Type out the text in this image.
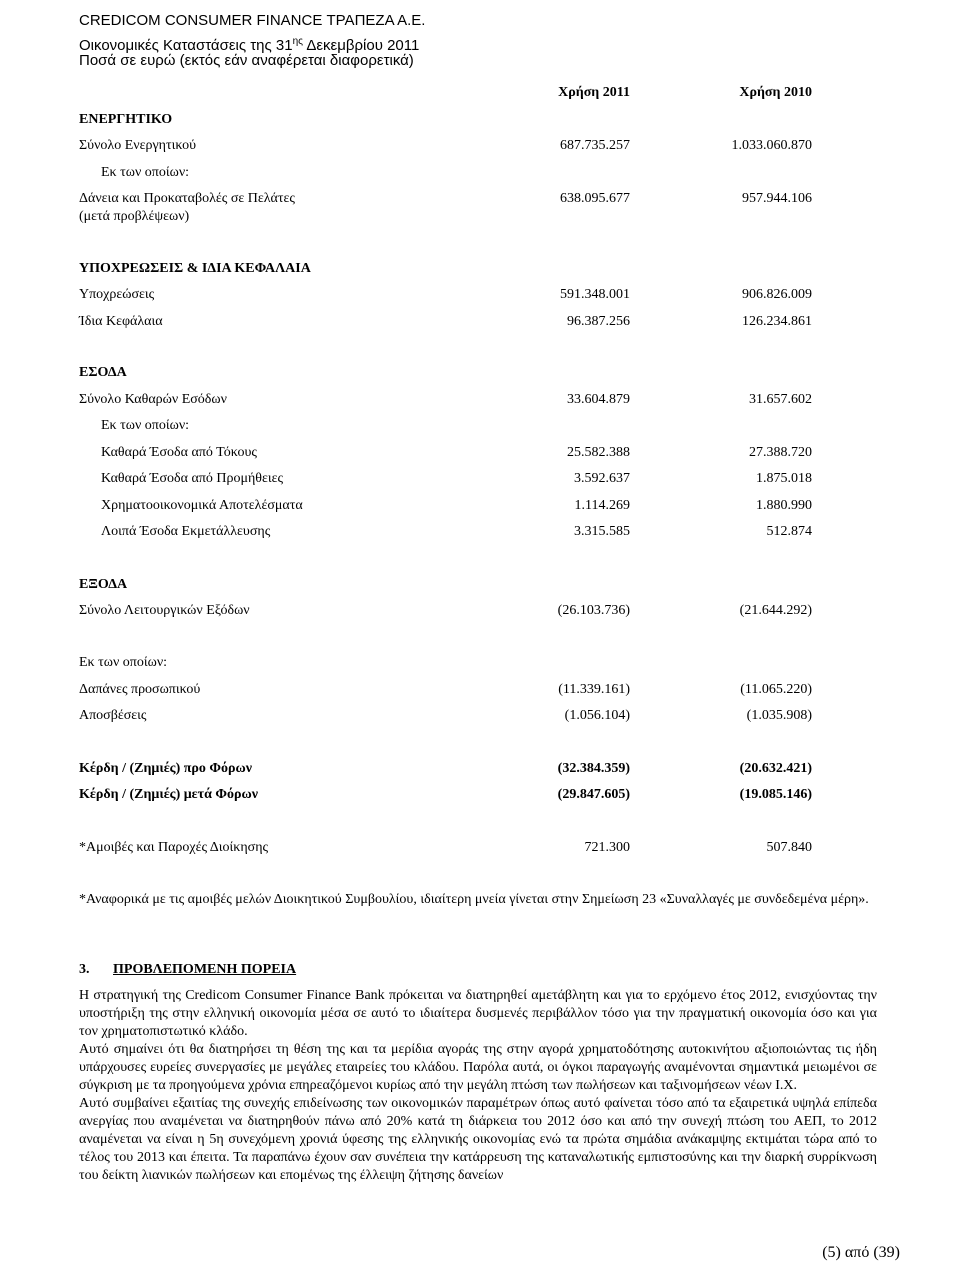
CREDICOM CONSUMER FINANCE ΤΡΑΠΕΖΑ Α.Ε.
Οικονομικές Καταστάσεις της $31^{\eta\varsigma}$ Δεκεμβρίου 2011
Ποσά σε ευρώ (εκτός εάν αναφέρεται διαφορετικά)
Χρήση 2011	Χρήση 2010
ΕΝΕΡΓΗΤΙΚΟ
Σύνολο Ενεργητικού	687.735.257	1.033.060.870
Εκ των οποίων:
Δάνεια και Προκαταβολές σε Πελάτες
(μετά προβλέψεων)
638.095.677	957.944.106
ΥΠΟΧΡΕΩΣΕΙΣ & ΙΔΙΑ ΚΕΦΑΛΑΙΑ
Υποχρεώσεις	591.348.001	906.826.009
Ίδια Κεφάλαια	96.387.256	126.234.861
ΕΣΟΔΑ
Σύνολο Καθαρών Εσόδων	33.604.879	31.657.602
Εκ των οποίων:
Καθαρά Έσοδα από Τόκους	25.582.388	27.388.720
Καθαρά Έσοδα από Προμήθειες	3.592.637	1.875.018
Χρηματοοικονομικά Αποτελέσματα	1.114.269	1.880.990
Λοιπά Έσοδα Εκμετάλλευσης	3.315.585	512.874
ΕΞΟΔΑ
Σύνολο Λειτουργικών Εξόδων	(26.103.736)	(21.644.292)
Εκ των οποίων:
Δαπάνες προσωπικού	(11.339.161)	(11.065.220)
Αποσβέσεις	(1.056.104)	(1.035.908)
Κέρδη / (Ζημιές) προ Φόρων	(32.384.359)	(20.632.421)
Κέρδη / (Ζημιές) μετά Φόρων	(29.847.605)	(19.085.146)
*Αμοιβές και Παροχές Διοίκησης	721.300	507.840
*Αναφορικά με τις αμοιβές μελών Διοικητικού Συμβουλίου, ιδιαίτερη μνεία γίνεται στην Σημείωση 23 «Συναλλαγές με συνδεδεμένα μέρη».
3. ΠΡΟΒΛΕΠΟΜΕΝΗ ΠΟΡΕΙΑ

Η στρατηγική της Credicom Consumer Finance Bank πρόκειται να διατηρηθεί αμετάβλητη και για το ερχόμενο έτος 2012, ενισχύοντας την υποστήριξη της στην ελληνική οικονομία μέσα σε αυτό το ιδιαίτερα δυσμενές περιβάλλον τόσο για την πραγματική οικονομία όσο και για τον χρηματοπιστωτικό κλάδο.

Αυτό σημαίνει ότι θα διατηρήσει τη θέση της και τα μερίδια αγοράς της στην αγορά χρηματοδότησης αυτοκινήτου αξιοποιώντας τις ήδη υπάρχουσες ευρείες συνεργασίες με μεγάλες εταιρείες του κλάδου. Παρόλα αυτά, οι όγκοι παραγωγής αναμένονται σημαντικά μειωμένοι σε σύγκριση με τα προηγούμενα χρόνια επηρεαζόμενοι κυρίως από την μεγάλη πτώση των πωλήσεων και ταξινομήσεων νέων Ι.Χ.

Αυτό συμβαίνει εξαιτίας της συνεχής επιδείνωσης των οικονομικών παραμέτρων όπως αυτό φαίνεται τόσο από τα εξαιρετικά υψηλά επίπεδα ανεργίας που αναμένεται να διατηρηθούν πάνω από 20% κατά τη διάρκεια του 2012 όσο και από την συνεχή πτώση του ΑΕΠ, το 2012 αναμένεται να είναι η 5η συνεχόμενη χρονιά ύφεσης της ελληνικής οικονομίας ενώ τα πρώτα σημάδια ανάκαμψης εκτιμάται τώρα από το τέλος του 2013 και έπειτα. Τα παραπάνω έχουν σαν συνέπεια την κατάρρευση της καταναλωτικής εμπιστοσύνης και την διαρκή συρρίκνωση του δείκτη λιανικών πωλήσεων και επομένως της έλλειψη ζήτησης δανείων

(5) από (39)
